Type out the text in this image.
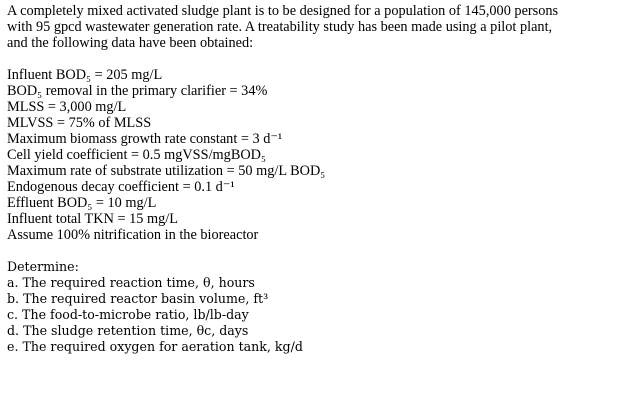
A completely mixed activated sludge plant is to be designed for a population of 145,000 persons
with 95 gpcd wastewater generation rate. A treatability study has been made using a pilot plant,
and the following data have been obtained:
Influent BOD₅ = 205 mg/L
BOD₅ removal in the primary clarifier = 34%
MLSS = 3,000 mg/L
MLVSS = 75% of MLSS
Maximum biomass growth rate constant = 3 d⁻¹
Cell yield coefficient = 0.5 mgVSS/mgBOD₅
Maximum rate of substrate utilization = 50 mg/L BOD₅
Endogenous decay coefficient = 0.1 d⁻¹
Effluent BOD₅ = 10 mg/L
Influent total TKN = 15 mg/L
Assume 100% nitrification in the bioreactor
Determine:
a. The required reaction time, θ, hours
b. The required reactor basin volume, ft³
c. The food-to-microbe ratio, lb/lb-day
d. The sludge retention time, θc, days
e. The required oxygen for aeration tank, kg/d
